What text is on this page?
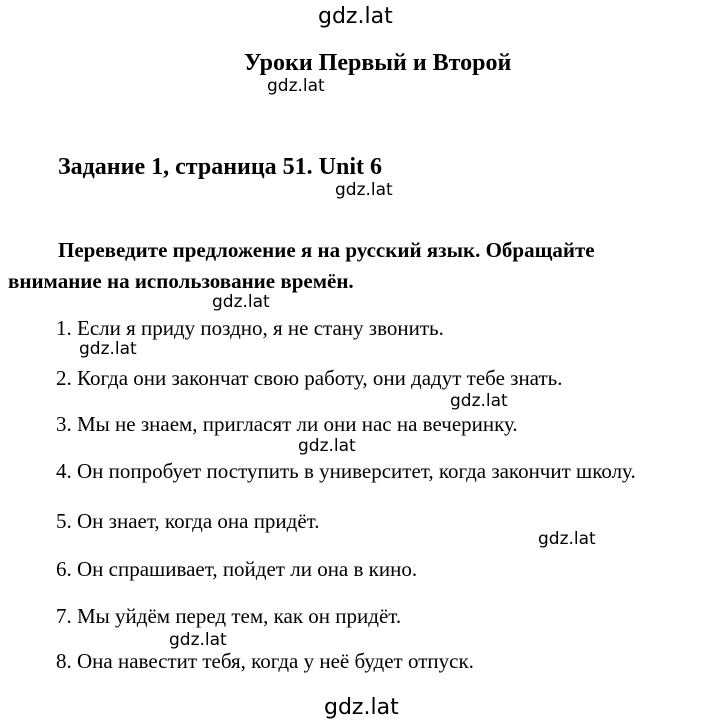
gdz.lat
gdz.lat
gdz.lat
gdz.lat
gdz.lat
gdz.lat
gdz.lat
gdz.lat
gdz.lat
gdz.lat
Уроки Первый и Второй
Задание 1, страница 51. Unit 6
Переведите предложение я на русский язык. Обращайте
внимание на использование времён.
1. Если я приду поздно, я не стану звонить.
2. Когда они закончат свою работу, они дадут тебе знать.
3. Мы не знаем, пригласят ли они нас на вечеринку.
4. Он попробует поступить в университет, когда закончит школу.
5. Он знает, когда она придёт.
6. Он спрашивает, пойдет ли она в кино.
7. Мы уйдём перед тем, как он придёт.
8. Она навестит тебя, когда у неё будет отпуск.
